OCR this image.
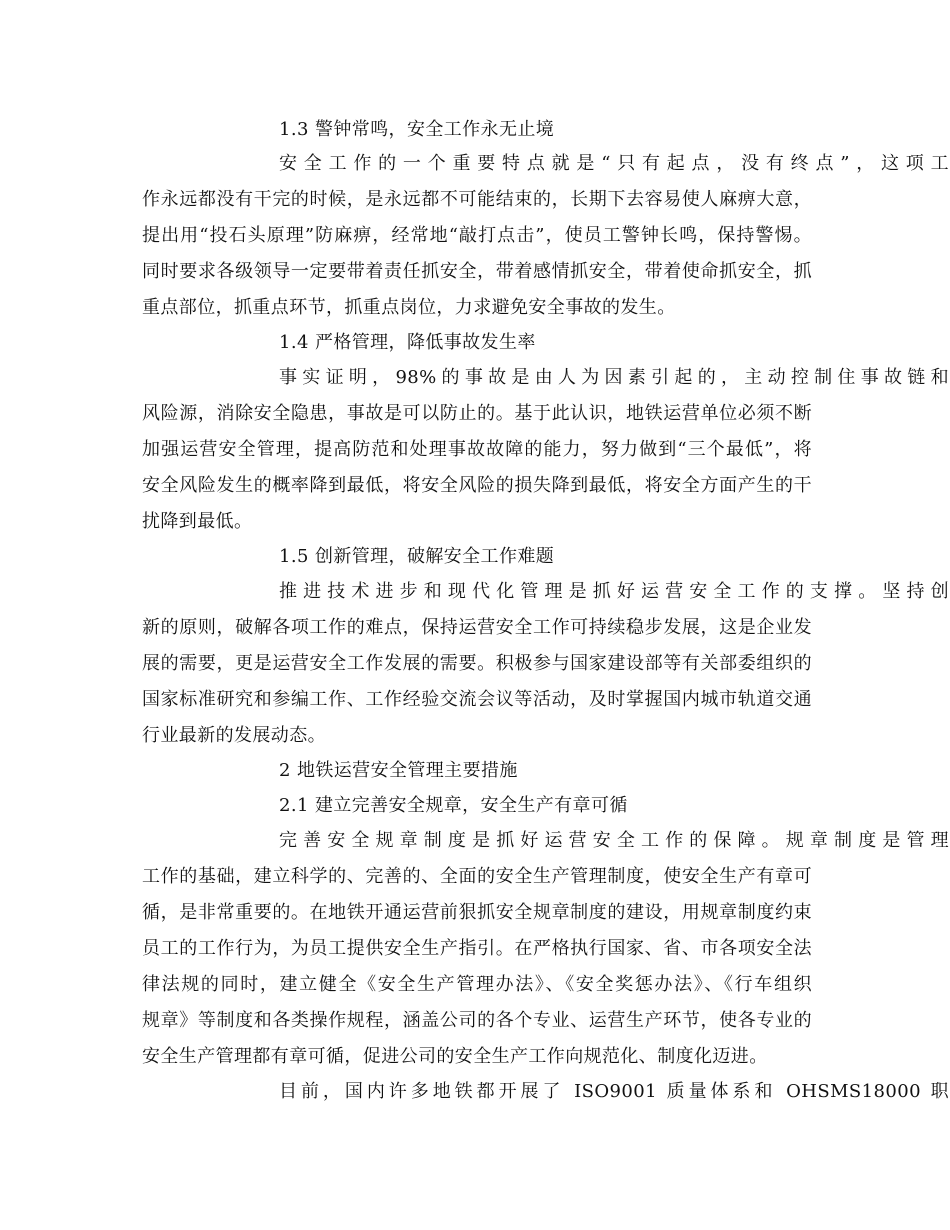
1.3 警钟常鸣，安全工作永无止境
安全工作的一个重要特点就是“只有起点，没有终点”，这项工
作永远都没有干完的时候，是永远都不可能结束的，长期下去容易使人麻痹大意，
提出用“投石头原理”防麻痹，经常地“敲打点击”，使员工警钟长鸣，保持警惕。
同时要求各级领导一定要带着责任抓安全，带着感情抓安全，带着使命抓安全，抓
重点部位，抓重点环节，抓重点岗位，力求避免安全事故的发生。
1.4 严格管理，降低事故发生率
事实证明，98%的事故是由人为因素引起的，主动控制住事故链和
风险源，消除安全隐患，事故是可以防止的。基于此认识，地铁运营单位必须不断
加强运营安全管理，提高防范和处理事故故障的能力，努力做到“三个最低”，将
安全风险发生的概率降到最低，将安全风险的损失降到最低，将安全方面产生的干
扰降到最低。
1.5 创新管理，破解安全工作难题
推进技术进步和现代化管理是抓好运营安全工作的支撑。坚持创
新的原则，破解各项工作的难点，保持运营安全工作可持续稳步发展，这是企业发
展的需要，更是运营安全工作发展的需要。积极参与国家建设部等有关部委组织的
国家标准研究和参编工作、工作经验交流会议等活动，及时掌握国内城市轨道交通
行业最新的发展动态。
2 地铁运营安全管理主要措施
2.1 建立完善安全规章，安全生产有章可循
完善安全规章制度是抓好运营安全工作的保障。规章制度是管理
工作的基础，建立科学的、完善的、全面的安全生产管理制度，使安全生产有章可
循，是非常重要的。在地铁开通运营前狠抓安全规章制度的建设，用规章制度约束
员工的工作行为，为员工提供安全生产指引。在严格执行国家、省、市各项安全法
律法规的同时，建立健全《安全生产管理办法》、《安全奖惩办法》、《行车组织
规章》等制度和各类操作规程，涵盖公司的各个专业、运营生产环节，使各专业的
安全生产管理都有章可循，促进公司的安全生产工作向规范化、制度化迈进。
目前，国内许多地铁都开展了 ISO9001 质量体系和 OHSMS18000 职
